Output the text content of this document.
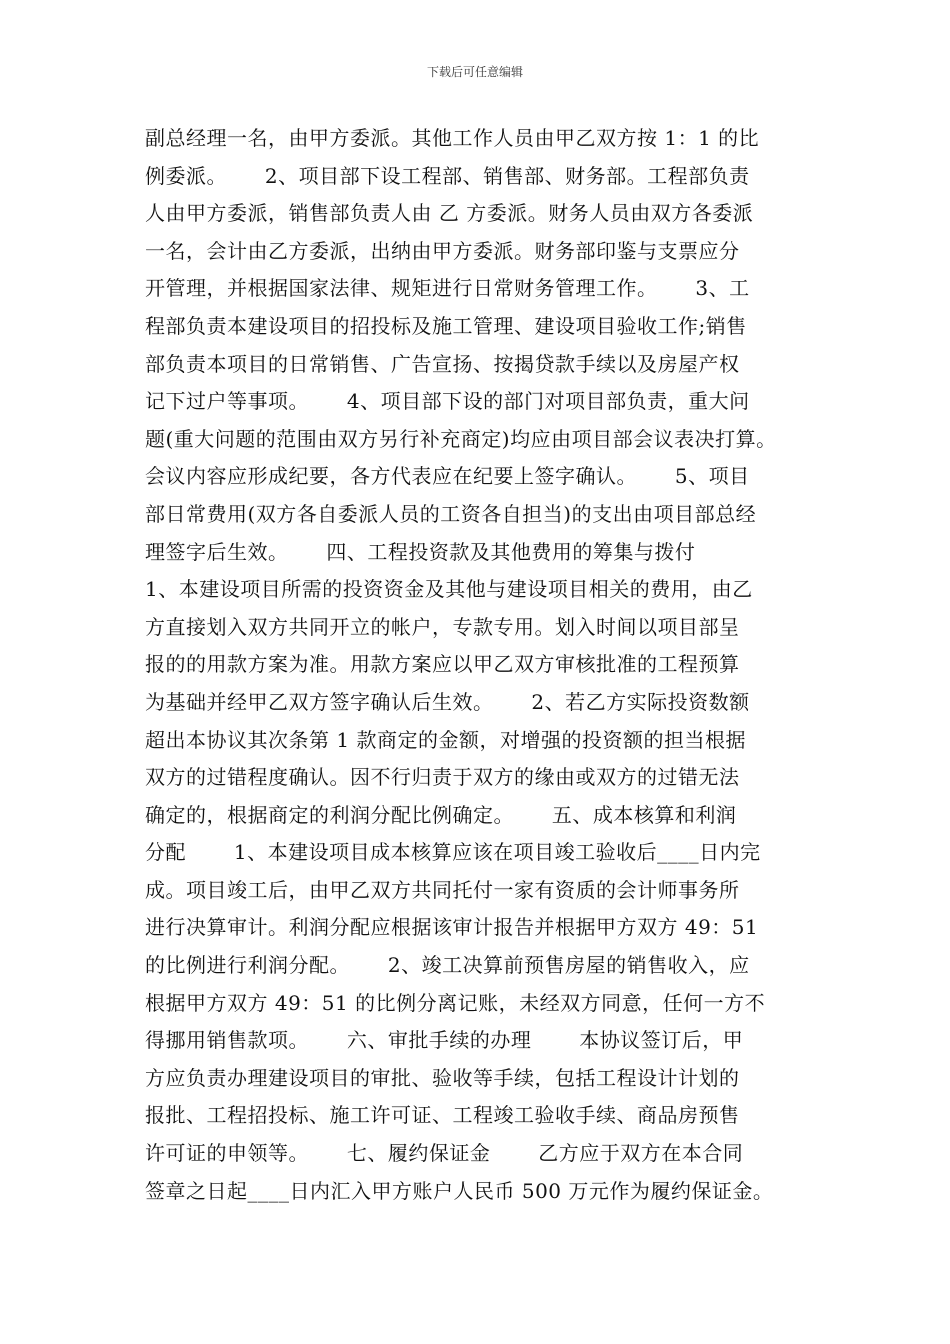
下载后可任意编辑
副总经理一名，由甲方委派。其他工作人员由甲乙双方按 1：1 的比
例委派。　　 2、项目部下设工程部、销售部、财务部。工程部负责
人由甲方委派，销售部负责人由 乙 方委派。财务人员由双方各委派
一名，会计由乙方委派，出纳由甲方委派。财务部印鉴与支票应分
开管理，并根据国家法律、规矩进行日常财务管理工作。　　 3、工
程部负责本建设项目的招投标及施工管理、建设项目验收工作;销售
部负责本项目的日常销售、广告宣扬、按揭贷款手续以及房屋产权
记下过户等事项。　　 4、项目部下设的部门对项目部负责，重大问
题(重大问题的范围由双方另行补充商定)均应由项目部会议表决打算。
会议内容应形成纪要，各方代表应在纪要上签字确认。　　 5、项目
部日常费用(双方各自委派人员的工资各自担当)的支出由项目部总经
理签字后生效。　　 四、工程投资款及其他费用的筹集与拨付　　
1、本建设项目所需的投资资金及其他与建设项目相关的费用，由乙
方直接划入双方共同开立的帐户，专款专用。划入时间以项目部呈
报的的用款方案为准。用款方案应以甲乙双方审核批准的工程预算
为基础并经甲乙双方签字确认后生效。　　 2、若乙方实际投资数额
超出本协议其次条第 1 款商定的金额，对增强的投资额的担当根据
双方的过错程度确认。因不行归责于双方的缘由或双方的过错无法
确定的，根据商定的利润分配比例确定。　　 五、成本核算和利润
分配　　 1、本建设项目成本核算应该在项目竣工验收后____日内完
成。项目竣工后，由甲乙双方共同托付一家有资质的会计师事务所
进行决算审计。利润分配应根据该审计报告并根据甲方双方 49：51
的比例进行利润分配。　　 2、竣工决算前预售房屋的销售收入，应
根据甲方双方 49：51 的比例分离记账，未经双方同意，任何一方不
得挪用销售款项。　　 六、审批手续的办理　　 本协议签订后，甲
方应负责办理建设项目的审批、验收等手续，包括工程设计计划的
报批、工程招投标、施工许可证、工程竣工验收手续、商品房预售
许可证的申领等。　　 七、履约保证金　　 乙方应于双方在本合同
签章之日起____日内汇入甲方账户人民币 500 万元作为履约保证金。
